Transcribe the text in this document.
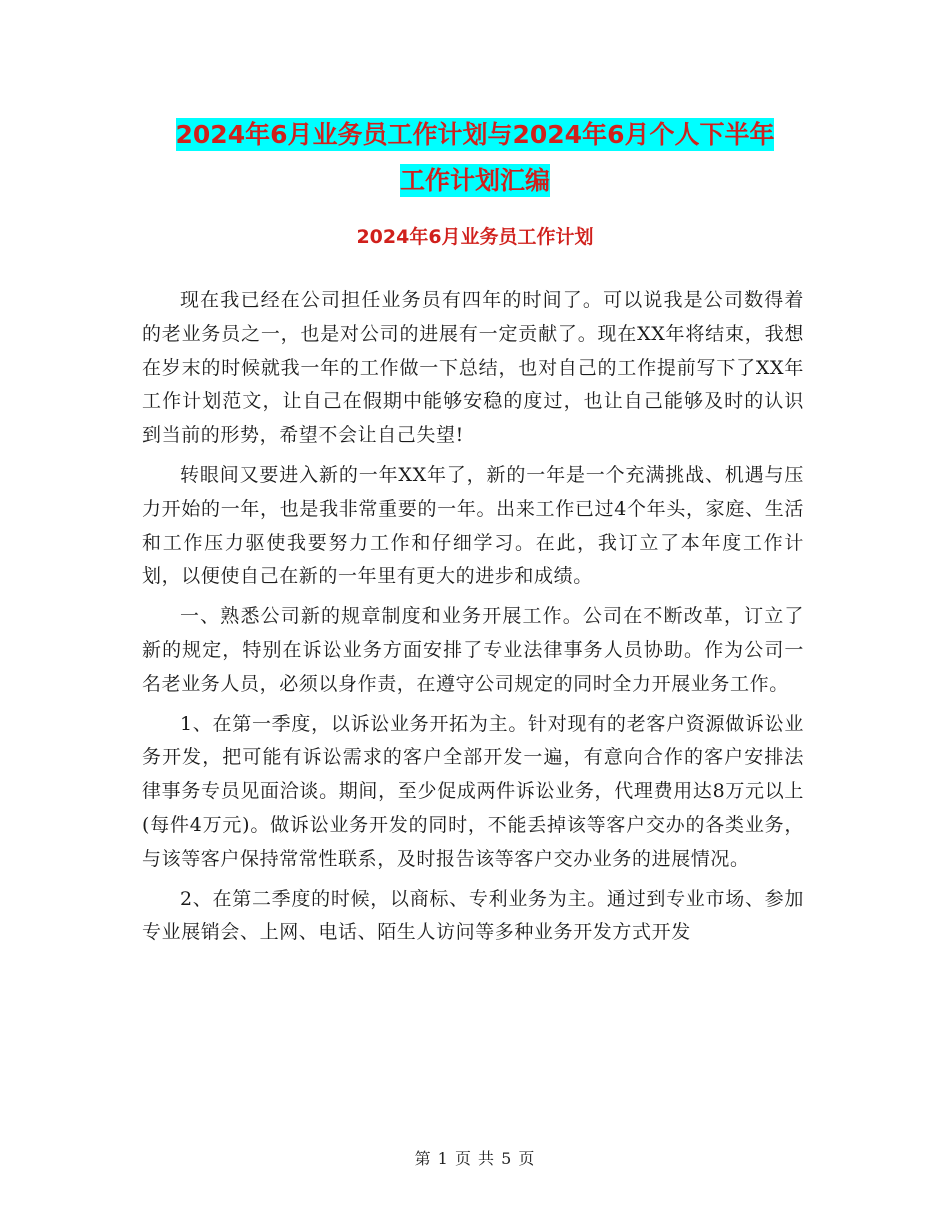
2024年6月业务员工作计划与2024年6月个人下半年
工作计划汇编
2024年6月业务员工作计划

现在我已经在公司担任业务员有四年的时间了。可以说我是公司数得着的老业务员之一，也是对公司的进展有一定贡献了。现在XX年将结束，我想在岁末的时候就我一年的工作做一下总结，也对自己的工作提前写下了XX年工作计划范文，让自己在假期中能够安稳的度过，也让自己能够及时的认识到当前的形势，希望不会让自己失望!

转眼间又要进入新的一年XX年了，新的一年是一个充满挑战、机遇与压力开始的一年，也是我非常重要的一年。出来工作已过4个年头，家庭、生活和工作压力驱使我要努力工作和仔细学习。在此，我订立了本年度工作计划，以便使自己在新的一年里有更大的进步和成绩。

一、熟悉公司新的规章制度和业务开展工作。公司在不断改革，订立了新的规定，特别在诉讼业务方面安排了专业法律事务人员协助。作为公司一名老业务人员，必须以身作责，在遵守公司规定的同时全力开展业务工作。

1、在第一季度，以诉讼业务开拓为主。针对现有的老客户资源做诉讼业务开发，把可能有诉讼需求的客户全部开发一遍，有意向合作的客户安排法律事务专员见面洽谈。期间，至少促成两件诉讼业务，代理费用达8万元以上(每件4万元)。做诉讼业务开发的同时，不能丢掉该等客户交办的各类业务，与该等客户保持常常性联系，及时报告该等客户交办业务的进展情况。

2、在第二季度的时候，以商标、专利业务为主。通过到专业市场、参加专业展销会、上网、电话、陌生人访问等多种业务开发方式开发

第 1 页 共 5 页
